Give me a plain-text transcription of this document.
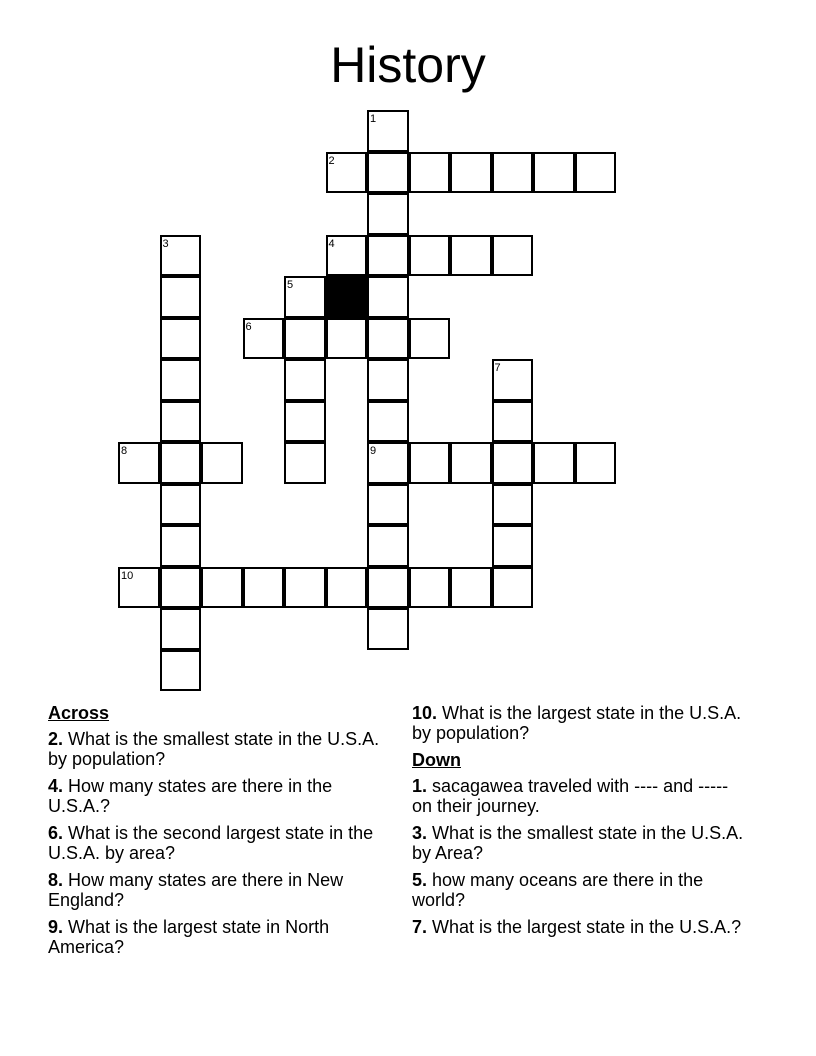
History
1
2
3	4
5
6
7
8	9
10
Across
2. What is the smallest state in the U.S.A. by population?
4. How many states are there in the U.S.A.?
6. What is the second largest state in the U.S.A. by area?
8. How many states are there in New England?
9. What is the largest state in North America?
10. What is the largest state in the U.S.A. by population?
Down
1. sacagawea traveled with ---- and ----- on their journey.
3. What is the smallest state in the U.S.A. by Area?
5. how many oceans are there in the world?
7. What is the largest state in the U.S.A.?
